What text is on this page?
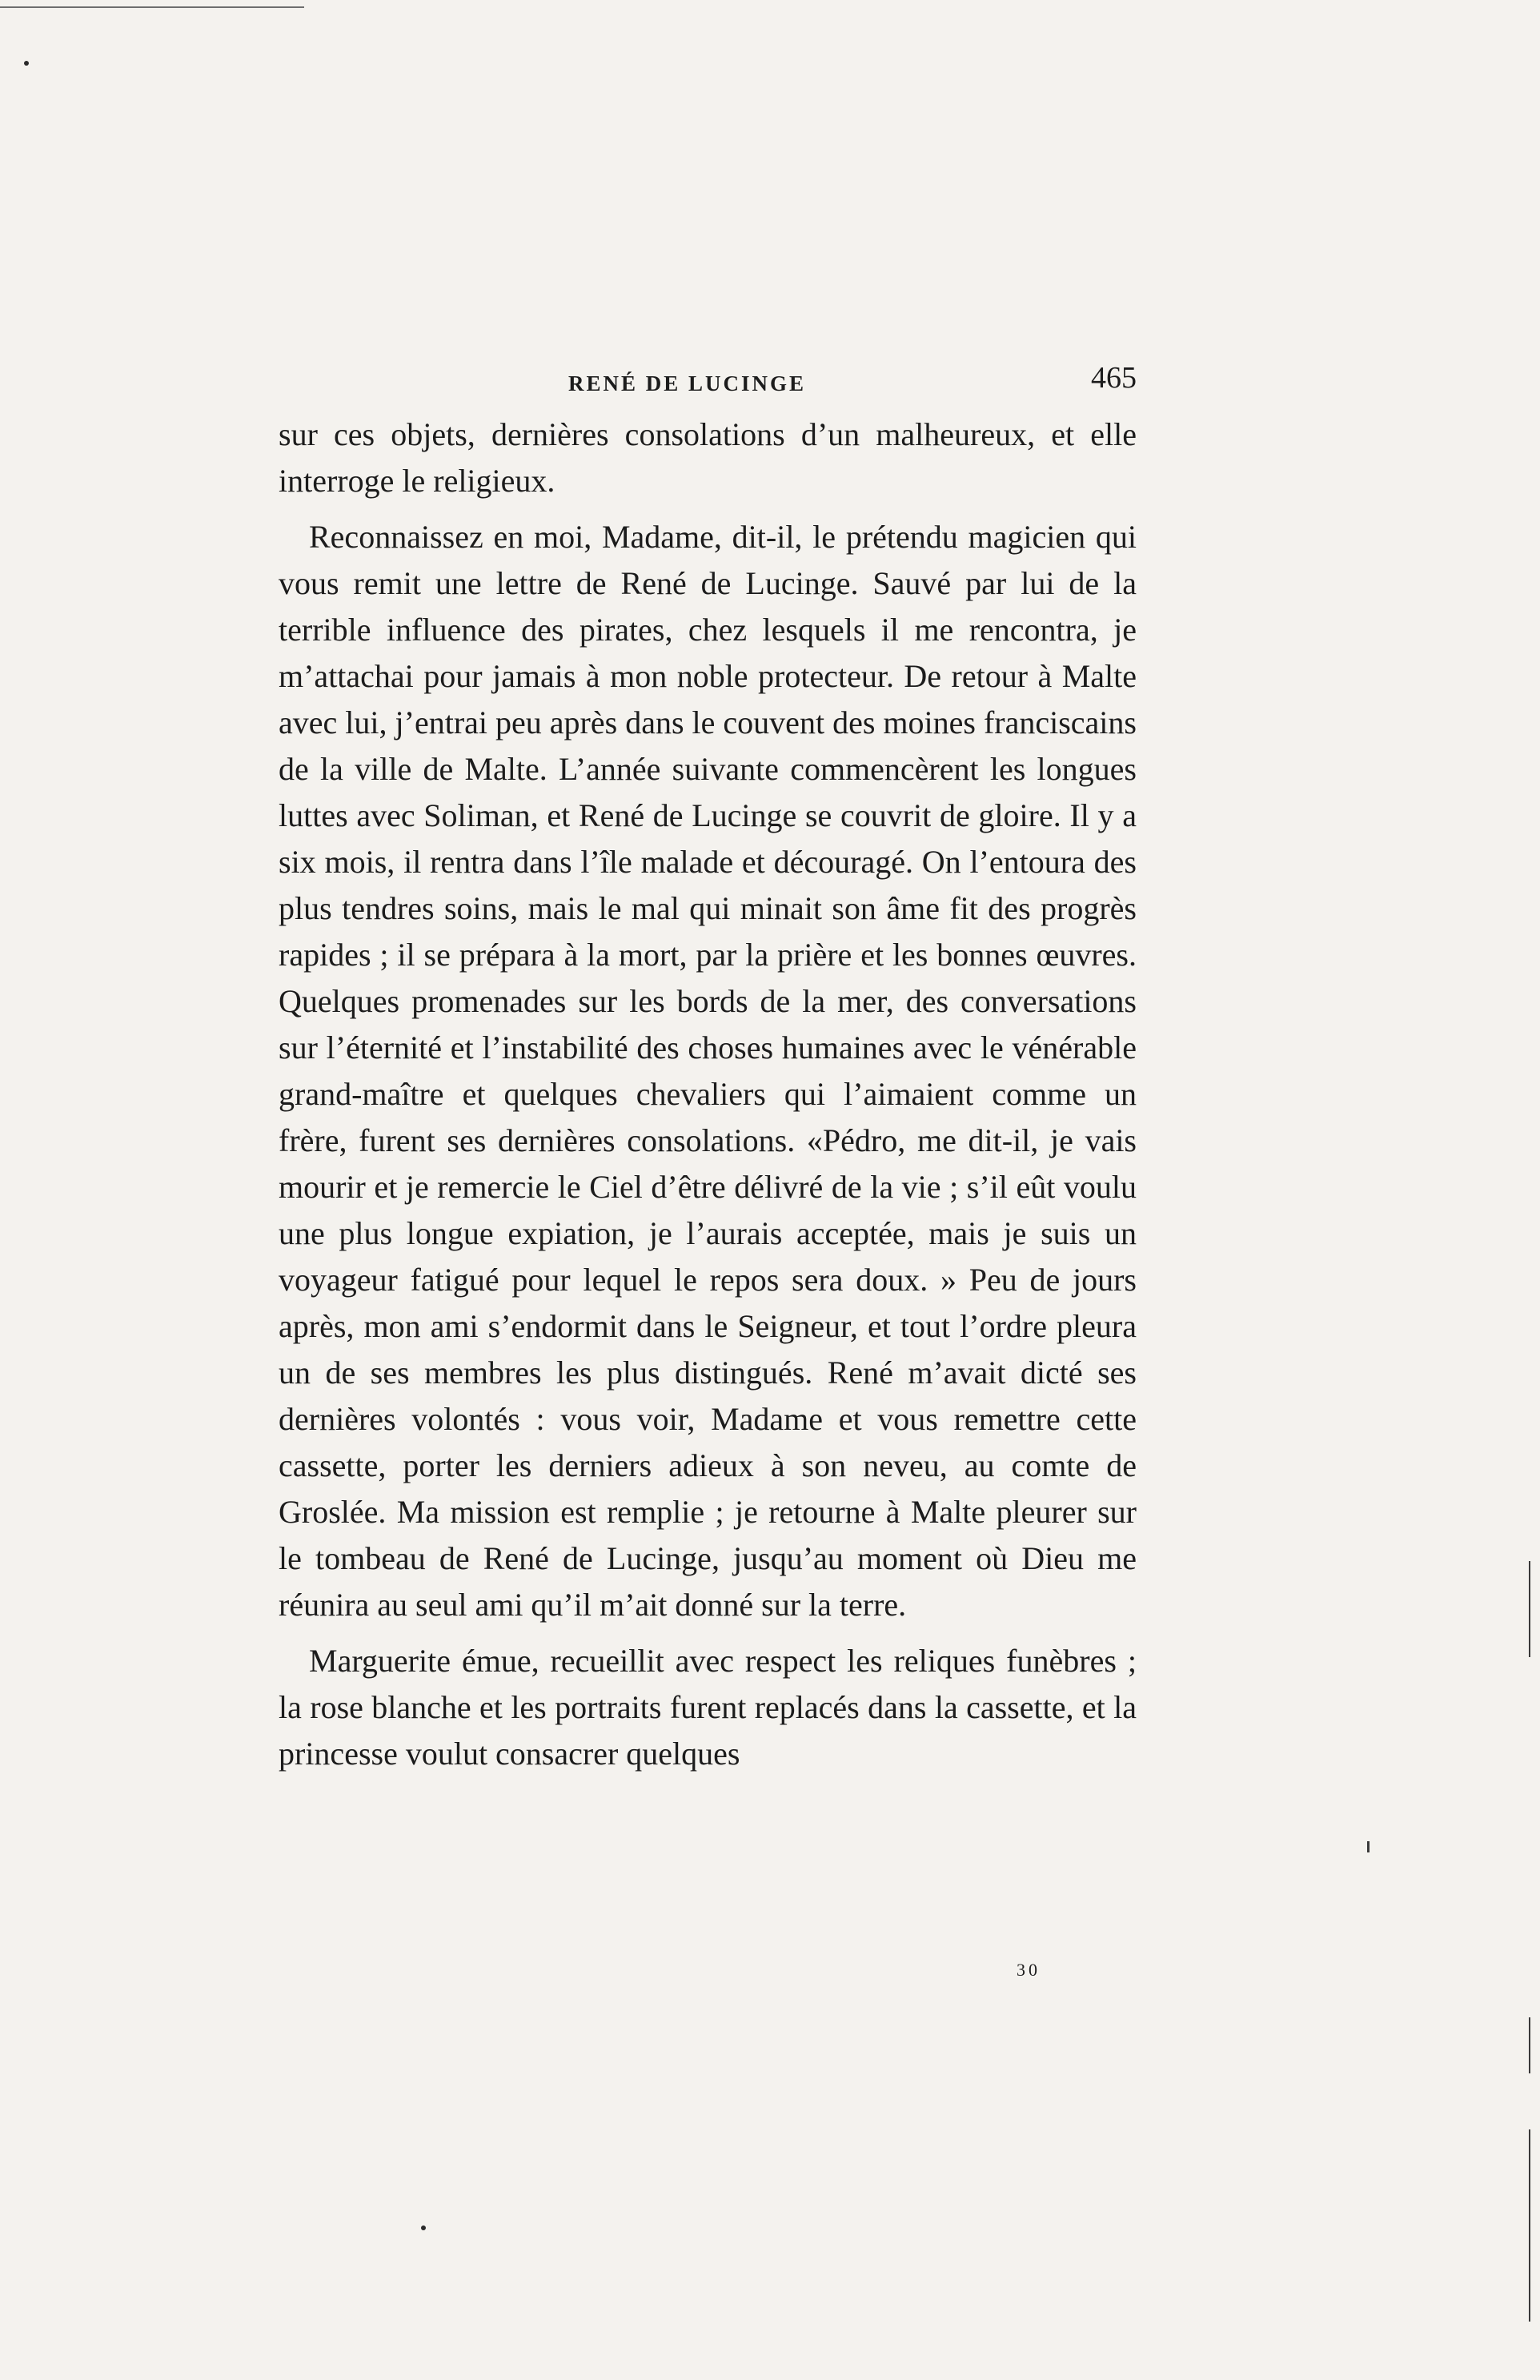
RENÉ DE LUCINGE	465

sur ces objets, dernières consolations d’un malheureux, et elle interroge le religieux.

Reconnaissez en moi, Madame, dit-il, le prétendu magicien qui vous remit une lettre de René de Lucinge. Sauvé par lui de la terrible influence des pirates, chez lesquels il me rencontra, je m’attachai pour jamais à mon noble protecteur. De retour à Malte avec lui, j’entrai peu après dans le couvent des moines franciscains de la ville de Malte. L’année suivante commencèrent les longues luttes avec Soliman, et René de Lucinge se couvrit de gloire. Il y a six mois, il rentra dans l’île malade et découragé. On l’entoura des plus tendres soins, mais le mal qui minait son âme fit des progrès rapides ; il se prépara à la mort, par la prière et les bonnes œuvres. Quelques promenades sur les bords de la mer, des conversations sur l’éternité et l’instabilité des choses humaines avec le vénérable grand-maître et quelques chevaliers qui l’aimaient comme un frère, furent ses dernières consolations. «Pédro, me dit-il, je vais mourir et je remercie le Ciel d’être délivré de la vie ; s’il eût voulu une plus longue expiation, je l’aurais acceptée, mais je suis un voyageur fatigué pour lequel le repos sera doux. » Peu de jours après, mon ami s’endormit dans le Seigneur, et tout l’ordre pleura un de ses membres les plus distingués. René m’avait dicté ses dernières volontés : vous voir, Madame et vous remettre cette cassette, porter les derniers adieux à son neveu, au comte de Groslée. Ma mission est remplie ; je retourne à Malte pleurer sur le tombeau de René de Lucinge, jusqu’au moment où Dieu me réunira au seul ami qu’il m’ait donné sur la terre.

Marguerite émue, recueillit avec respect les reliques funèbres ; la rose blanche et les portraits furent replacés dans la cassette, et la princesse voulut consacrer quelques

30
